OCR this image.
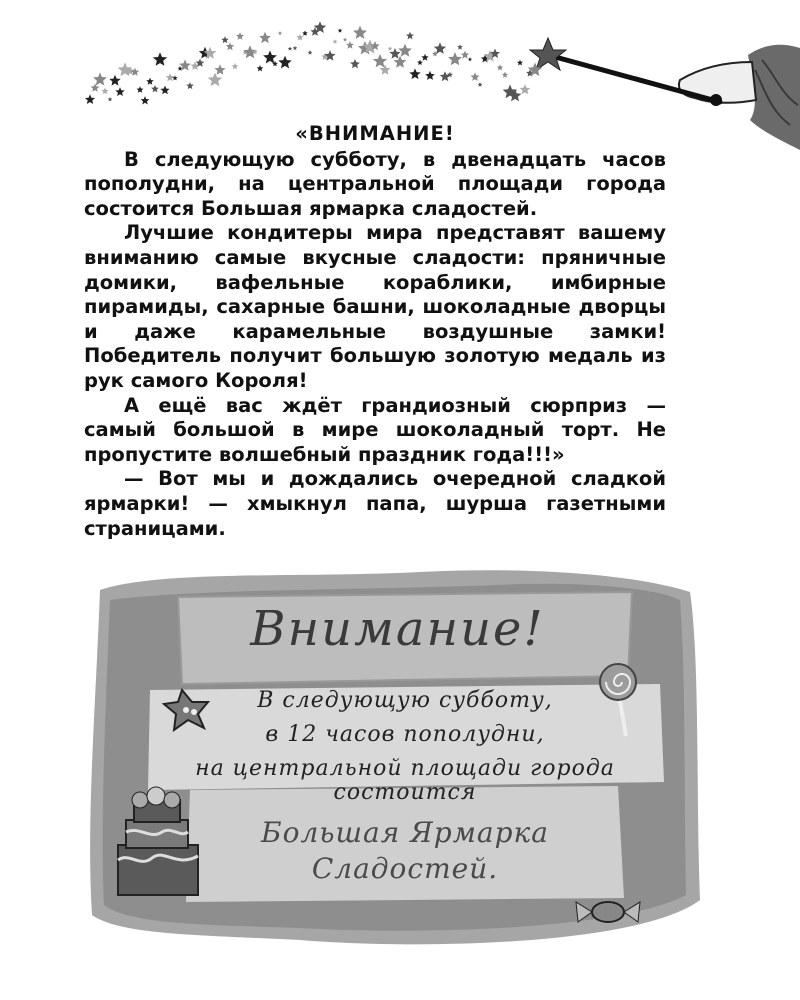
«ВНИМАНИЕ!

В следующую субботу, в двенадцать часов пополудни, на центральной площади города состоится Большая ярмарка сладостей.

Лучшие кондитеры мира представят вашему вниманию самые вкусные сладости: пряничные домики, вафельные кораблики, имбирные пирамиды, сахарные башни, шоколадные дворцы и даже карамельные воздушные замки! Победитель получит большую золотую медаль из рук самого Короля!

А ещё вас ждёт грандиозный сюрприз — самый большой в мире шоколадный торт. Не пропустите волшебный праздник года!!!»

— Вот мы и дождались очередной сладкой ярмарки! — хмыкнул папа, шурша газетными страницами.

Внимание!
В следующую субботу,
в 12 часов пополудни,
на центральной площади города
состоится
Большая Ярмарка
Сладостей.
